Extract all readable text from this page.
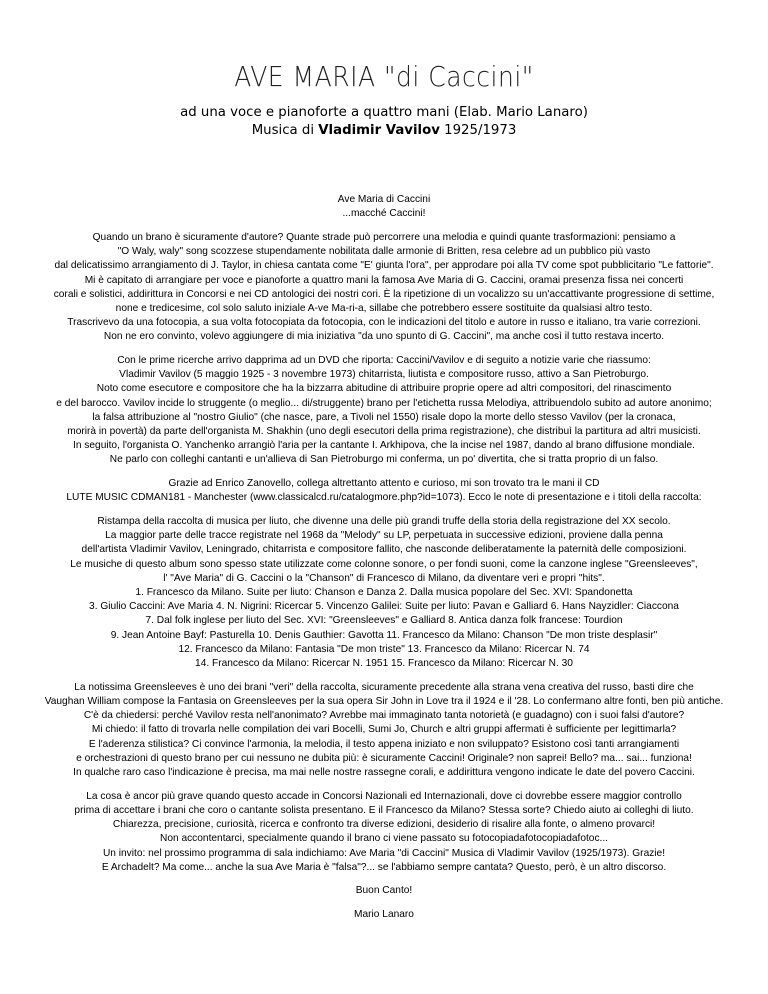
AVE MARIA "di Caccini"
ad una voce e pianoforte a quattro mani (Elab. Mario Lanaro)
Musica di Vladimir Vavilov 1925/1973

Ave Maria di Caccini
...macché Caccini!

Quando un brano è sicuramente d'autore? Quante strade può percorrere una melodia e quindi quante trasformazioni: pensiamo a
"O Waly, waly" song scozzese stupendamente nobilitata dalle armonie di Britten, resa celebre ad un pubblico più vasto
dal delicatissimo arrangiamento di J. Taylor, in chiesa cantata come "E' giunta l'ora", per approdare poi alla TV come spot pubblicitario "Le fattorie".
Mi è capitato di arrangiare per voce e pianoforte a quattro mani la famosa Ave Maria di G. Caccini, oramai presenza fissa nei concerti
corali e solistici, addirittura in Concorsi e nei CD antologici dei nostri cori. È la ripetizione di un vocalizzo su un'accattivante progressione di settime,
none e tredicesime, col solo saluto iniziale A-ve Ma-ri-a, sillabe che potrebbero essere sostituite da qualsiasi altro testo.
Trascrivevo da una fotocopia, a sua volta fotocopiata da fotocopia, con le indicazioni del titolo e autore in russo e italiano, tra varie correzioni.
Non ne ero convinto, volevo aggiungere di mia iniziativa "da uno spunto di G. Caccini", ma anche così il tutto restava incerto.

Con le prime ricerche arrivo dapprima ad un DVD che riporta: Caccini/Vavilov e di seguito a notizie varie che riassumo:
Vladimir Vavilov (5 maggio 1925 - 3 novembre 1973) chitarrista, liutista e compositore russo, attivo a San Pietroburgo.
Noto come esecutore e compositore che ha la bizzarra abitudine di attribuire proprie opere ad altri compositori, del rinascimento
e del barocco. Vavilov incide lo struggente (o meglio... di/struggente) brano per l'etichetta russa Melodiya, attribuendolo subito ad autore anonimo;
la falsa attribuzione al "nostro Giulio" (che nasce, pare, a Tivoli nel 1550) risale dopo la morte dello stesso Vavilov (per la cronaca,
morirà in povertà) da parte dell'organista M. Shakhin (uno degli esecutori della prima registrazione), che distribuì la partitura ad altri musicisti.
In seguito, l'organista O. Yanchenko arrangiò l'aria per la cantante I. Arkhipova, che la incise nel 1987, dando al brano diffusione mondiale.
Ne parlo con colleghi cantanti e un'allieva di San Pietroburgo mi conferma, un po' divertita, che si tratta proprio di un falso.

Grazie ad Enrico Zanovello, collega altrettanto attento e curioso, mi son trovato tra le mani il CD
LUTE MUSIC CDMAN181 - Manchester (www.classicalcd.ru/catalogmore.php?id=1073). Ecco le note di presentazione e i titoli della raccolta:

Ristampa della raccolta di musica per liuto, che divenne una delle più grandi truffe della storia della registrazione del XX secolo.
La maggior parte delle tracce registrate nel 1968 da "Melody" su LP, perpetuata in successive edizioni, proviene dalla penna
dell'artista Vladimir Vavilov, Leningrado, chitarrista e compositore fallito, che nasconde deliberatamente la paternità delle composizioni.
Le musiche di questo album sono spesso state utilizzate come colonne sonore, o per fondi suoni, come la canzone inglese "Greensleeves",
l' "Ave Maria" di G. Caccini o la "Chanson" di Francesco di Milano, da diventare veri e propri "hits".
1. Francesco da Milano. Suite per liuto: Chanson e Danza 2. Dalla musica popolare del Sec. XVI: Spandonetta
3. Giulio Caccini: Ave Maria 4. N. Nigrini: Ricercar 5. Vincenzo Galilei: Suite per liuto: Pavan e Galliard 6. Hans Nayzidler: Ciaccona
7. Dal folk inglese per liuto del Sec. XVI: "Greensleeves" e Galliard 8. Antica danza folk francese: Tourdion
9. Jean Antoine Bayf: Pasturella 10. Denis Gauthier: Gavotta 11. Francesco da Milano: Chanson "De mon triste desplasir"
12. Francesco da Milano: Fantasia "De mon triste" 13. Francesco da Milano: Ricercar N. 74
14. Francesco da Milano: Ricercar N. 1951 15. Francesco da Milano: Ricercar N. 30

La notissima Greensleeves è uno dei brani "veri" della raccolta, sicuramente precedente alla strana vena creativa del russo, basti dire che
Vaughan William compose la Fantasia on Greensleeves per la sua opera Sir John in Love tra il 1924 e il '28. Lo confermano altre fonti, ben più antiche.
C'è da chiedersi: perché Vavilov resta nell'anonimato? Avrebbe mai immaginato tanta notorietà (e guadagno) con i suoi falsi d'autore?
Mi chiedo: il fatto di trovarla nelle compilation dei vari Bocelli, Sumi Jo, Church e altri gruppi affermati è sufficiente per legittimarla?
E l'aderenza stilistica? Ci convince l'armonia, la melodia, il testo appena iniziato e non sviluppato? Esistono così tanti arrangiamenti
e orchestrazioni di questo brano per cui nessuno ne dubita più: è sicuramente Caccini! Originale? non saprei! Bello? ma... sai... funziona!
In qualche raro caso l'indicazione è precisa, ma mai nelle nostre rassegne corali, e addirittura vengono indicate le date del povero Caccini.

La cosa è ancor più grave quando questo accade in Concorsi Nazionali ed Internazionali, dove ci dovrebbe essere maggior controllo
prima di accettare i brani che coro o cantante solista presentano. E il Francesco da Milano? Stessa sorte? Chiedo aiuto ai colleghi di liuto.
Chiarezza, precisione, curiosità, ricerca e confronto tra diverse edizioni, desiderio di risalire alla fonte, o almeno provarci!
Non accontentarci, specialmente quando il brano ci viene passato su fotocopiadafotocopiadafotoc...
Un invito: nel prossimo programma di sala indichiamo: Ave Maria "di Caccini" Musica di Vladimir Vavilov (1925/1973). Grazie!
E Archadelt? Ma come... anche la sua Ave Maria è "falsa"?... se l'abbiamo sempre cantata? Questo, però, è un altro discorso.

Buon Canto!

Mario Lanaro
